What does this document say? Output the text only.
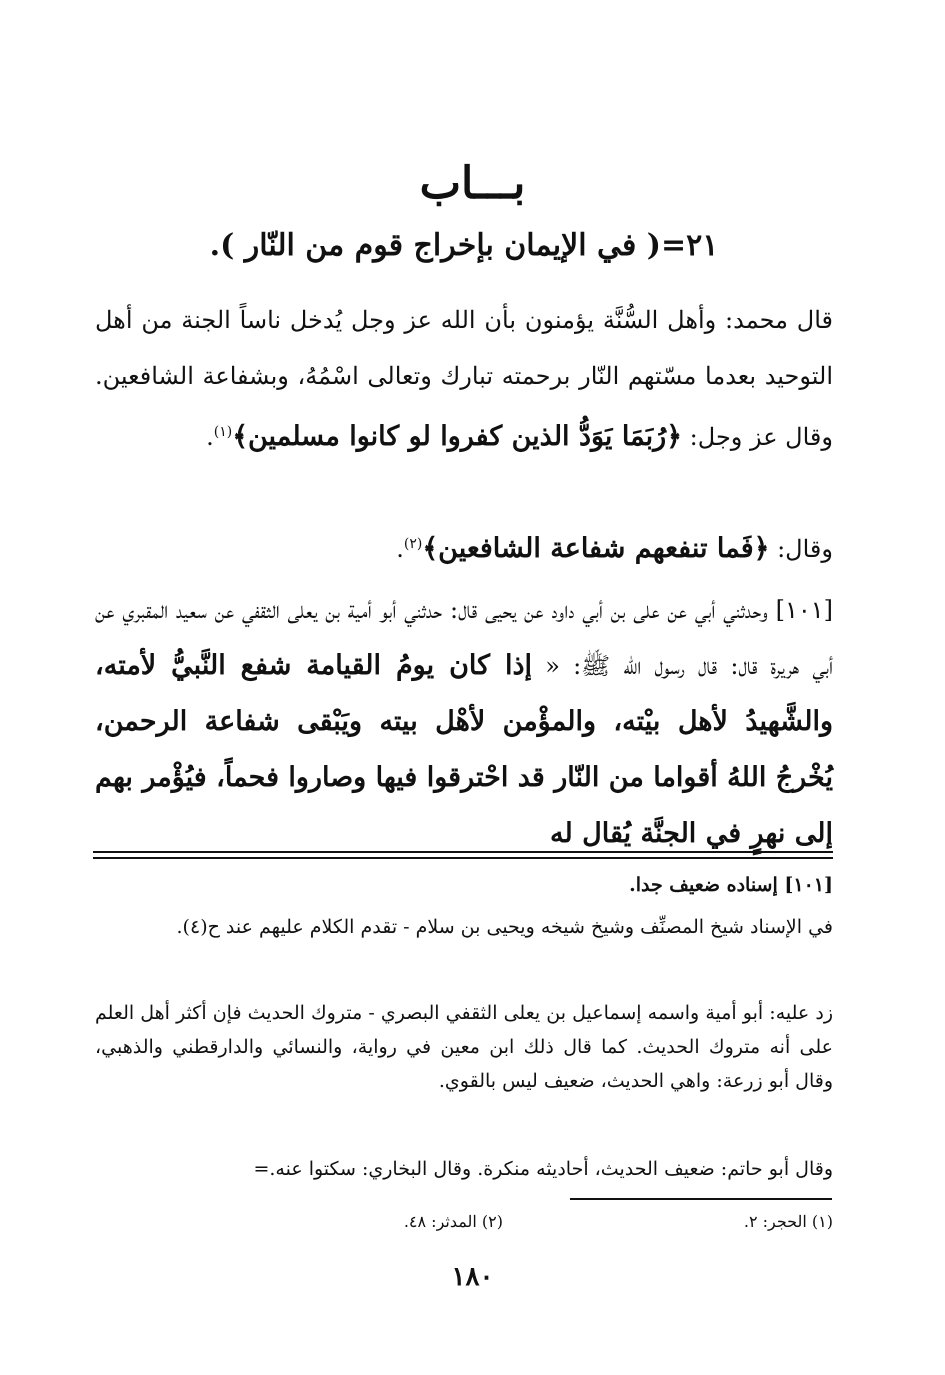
بـــاب
٢١=( في الإيمان بإخراج قوم من النّار ).

قال محمد: وأهل السُّنَّة يؤمنون بأن الله عز وجل يُدخل ناساً الجنة من أهل التوحيد بعدما مسّتهم النّار برحمته تبارك وتعالى اسْمُهُ، وبشفاعة الشافعين. وقال عز وجل: ﴿رُبَمَا يَوَدُّ الذين كفروا لو كانوا مسلمين﴾$^{(١)}$.

وقال: ﴿فَما تنفعهم شفاعة الشافعين﴾$^{(٢)}$.

[١٠١] وحدثني أبي عن على بن أبي داود عن يحيى قال: حدثني أبو أمية بن يعلى الثقفي عن سعيد المقبري عن أبي هريرة قال: قال رسول الله ﷺ: « إذا كان يومُ القيامة شفع النَّبيُّ لأمته، والشَّهيدُ لأهل بيْته، والمؤْمن لأهْل بيته ويَبْقى شفاعة الرحمن، يُخْرجُ اللهُ أقواما من النّار قد احْترقوا فيها وصاروا فحماً، فيُؤْمر بهم إلى نهرٍ في الجنَّة يُقال له

[١٠١] إسناده ضعيف جدا.

في الإسناد شيخ المصنِّف وشيخ شيخه ويحيى بن سلام - تقدم الكلام عليهم عند ح(٤).

زد عليه: أبو أمية واسمه إسماعيل بن يعلى الثقفي البصري - متروك الحديث فإن أكثر أهل العلم على أنه متروك الحديث. كما قال ذلك ابن معين في رواية، والنسائي والدارقطني والذهبي، وقال أبو زرعة: واهي الحديث، ضعيف ليس بالقوي.

وقال أبو حاتم: ضعيف الحديث، أحاديثه منكرة. وقال البخاري: سكتوا عنه.=

(١) الحجر: ٢.
(٢) المدثر: ٤٨.
١٨٠
